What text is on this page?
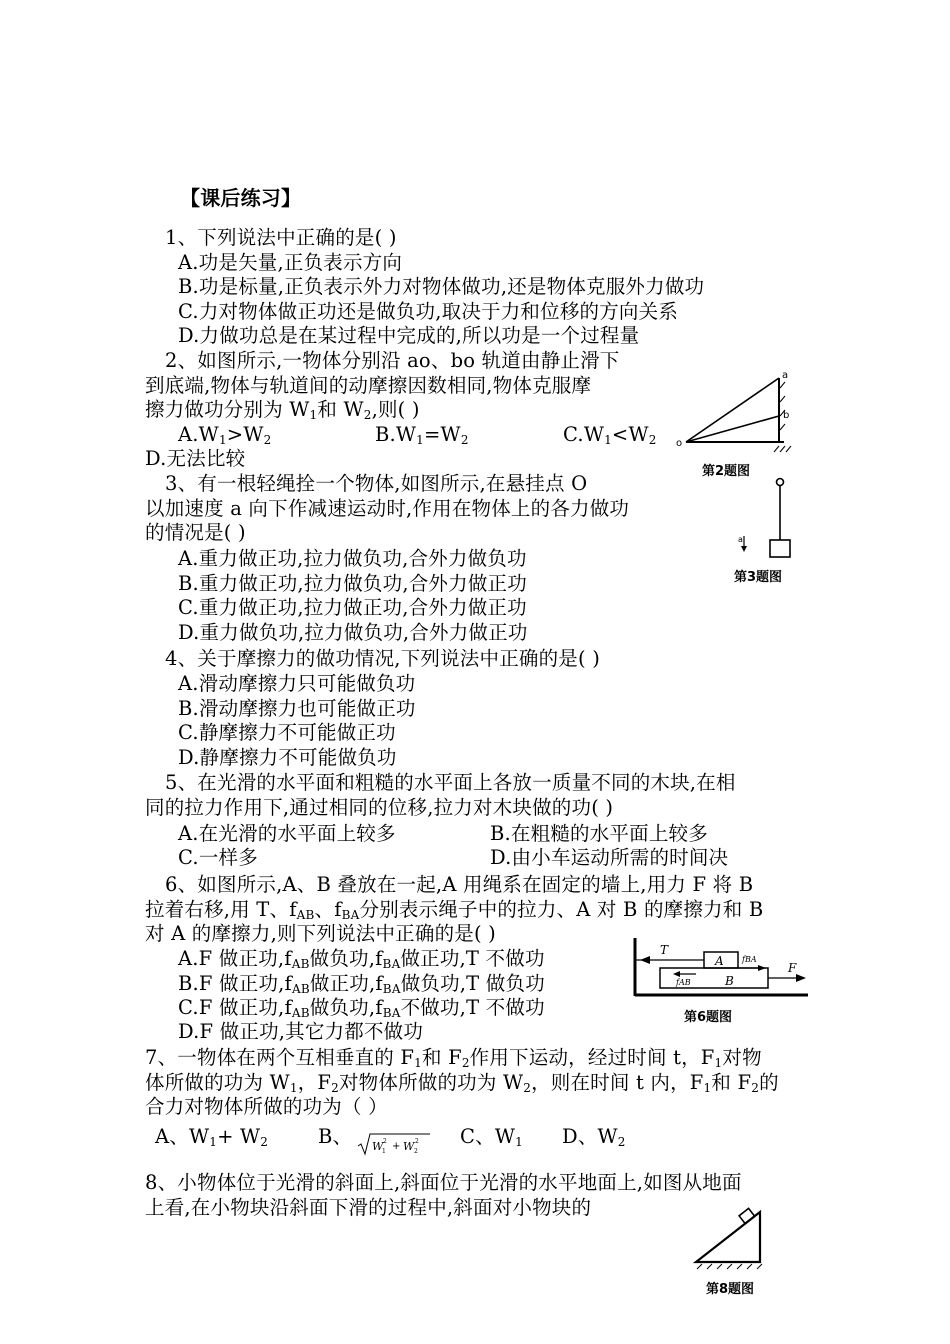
【课后练习】
1、下列说法中正确的是( )
A.功是矢量,正负表示方向
B.功是标量,正负表示外力对物体做功,还是物体克服外力做功
C.力对物体做正功还是做负功,取决于力和位移的方向关系
D.力做功总是在某过程中完成的,所以功是一个过程量
2、如图所示,一物体分别沿 ao、bo 轨道由静止滑下
到底端,物体与轨道间的动摩擦因数相同,物体克服摩
擦力做功分别为 $W_1$和 $W_2$,则( )
$A.W_1>W_2$	$B.W_1=W_2$	$C.W_1<W_2$
D.无法比较
a
b
o
第2题图
3、有一根轻绳拴一个物体,如图所示,在悬挂点 O
以加速度 a 向下作减速运动时,作用在物体上的各力做功
的情况是( )
A.重力做正功,拉力做负功,合外力做负功
B.重力做正功,拉力做负功,合外力做正功
C.重力做正功,拉力做正功,合外力做正功
D.重力做负功,拉力做负功,合外力做正功
a
第3题图
4、关于摩擦力的做功情况,下列说法中正确的是( )
A.滑动摩擦力只可能做负功
B.滑动摩擦力也可能做正功
C.静摩擦力不可能做正功
D.静摩擦力不可能做负功
5、在光滑的水平面和粗糙的水平面上各放一质量不同的木块,在相
同的拉力作用下,通过相同的位移,拉力对木块做的功( )
A.在光滑的水平面上较多	B.在粗糙的水平面上较多
C.一样多	D.由小车运动所需的时间决
6、如图所示,A、B 叠放在一起,A 用绳系在固定的墙上,用力 F 将 B
拉着右移,用 T、$f_{AB}$、$f_{BA}$分别表示绳子中的拉力、A 对 B 的摩擦力和 B
对 A 的摩擦力,则下列说法中正确的是( )
A.F 做正功$,f_{AB}$做负功$,f_{BA}$做正功,T 不做功
B.F 做正功$,f_{AB}$做正功$,f_{BA}$做负功,T 做负功
C.F 做正功$,f_{AB}$做负功$,f_{BA}$不做功,T 不做功
D.F 做正功,其它力都不做功
T
A
B
F
fBA
fAB
第6题图
7、一物体在两个互相垂直的 $F_1$和 $F_2$作用下运动，经过时间 t，$F_1$对物
体所做的功为 $W_1$，$F_2$对物体所做的功为 $W_2$，则在时间 t 内，$F_1$和 $F_2$的
合力对物体所做的功为（ ）
A、$W_1+ W_2$	B、 W
1
2 + W 2
2 C、$W_1$ D、$W_2$
8、小物体位于光滑的斜面上,斜面位于光滑的水平地面上,如图从地面
上看,在小物块沿斜面下滑的过程中,斜面对小物块的
第8题图
